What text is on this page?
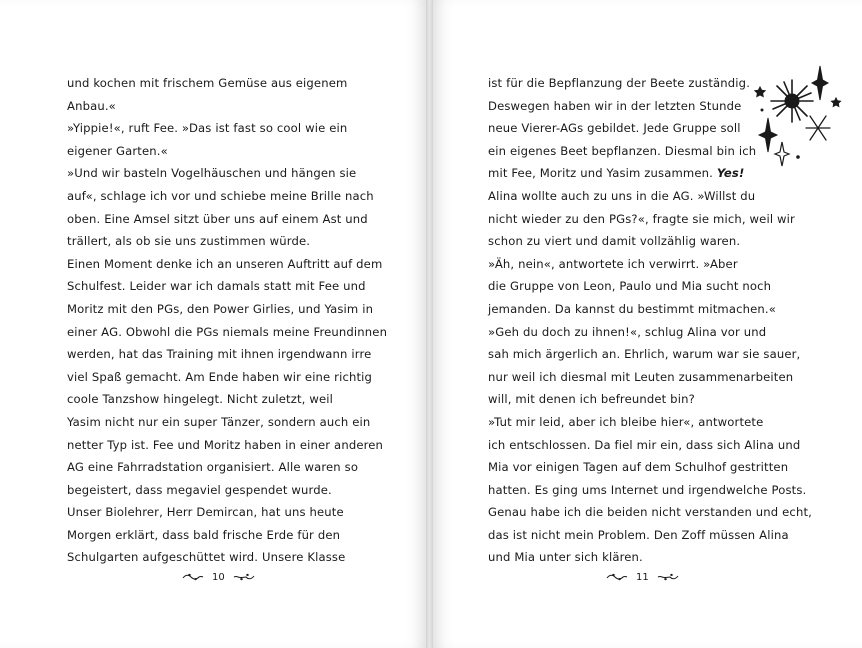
und kochen mit frischem Gemüse aus eigenem
Anbau.«
»Yippie!«, ruft Fee. »Das ist fast so cool wie ein
eigener Garten.«
»Und wir basteln Vogelhäuschen und hängen sie
auf«, schlage ich vor und schiebe meine Brille nach
oben. Eine Amsel sitzt über uns auf einem Ast und
trällert, als ob sie uns zustimmen würde.
Einen Moment denke ich an unseren Auftritt auf dem
Schulfest. Leider war ich damals statt mit Fee und
Moritz mit den PGs, den Power Girlies, und Yasim in
einer AG. Obwohl die PGs niemals meine Freundinnen
werden, hat das Training mit ihnen irgendwann irre
viel Spaß gemacht. Am Ende haben wir eine richtig
coole Tanzshow hingelegt. Nicht zuletzt, weil
Yasim nicht nur ein super Tänzer, sondern auch ein
netter Typ ist. Fee und Moritz haben in einer anderen
AG eine Fahrradstation organisiert. Alle waren so
begeistert, dass megaviel gespendet wurde.
Unser Biolehrer, Herr Demircan, hat uns heute
Morgen erklärt, dass bald frische Erde für den
Schulgarten aufgeschüttet wird. Unsere Klasse
ist für die Bepflanzung der Beete zuständig.
Deswegen haben wir in der letzten Stunde
neue Vierer-AGs gebildet. Jede Gruppe soll
ein eigenes Beet bepflanzen. Diesmal bin ich
mit Fee, Moritz und Yasim zusammen. Yes!
Alina wollte auch zu uns in die AG. »Willst du
nicht wieder zu den PGs?«, fragte sie mich, weil wir
schon zu viert und damit vollzählig waren.
»Äh, nein«, antwortete ich verwirrt. »Aber
die Gruppe von Leon, Paulo und Mia sucht noch
jemanden. Da kannst du bestimmt mitmachen.«
»Geh du doch zu ihnen!«, schlug Alina vor und
sah mich ärgerlich an. Ehrlich, warum war sie sauer,
nur weil ich diesmal mit Leuten zusammenarbeiten
will, mit denen ich befreundet bin?
»Tut mir leid, aber ich bleibe hier«, antwortete
ich entschlossen. Da fiel mir ein, dass sich Alina und
Mia vor einigen Tagen auf dem Schulhof gestritten
hatten. Es ging ums Internet und irgendwelche Posts.
Genau habe ich die beiden nicht verstanden und echt,
das ist nicht mein Problem. Den Zoff müssen Alina
und Mia unter sich klären.
10	11
